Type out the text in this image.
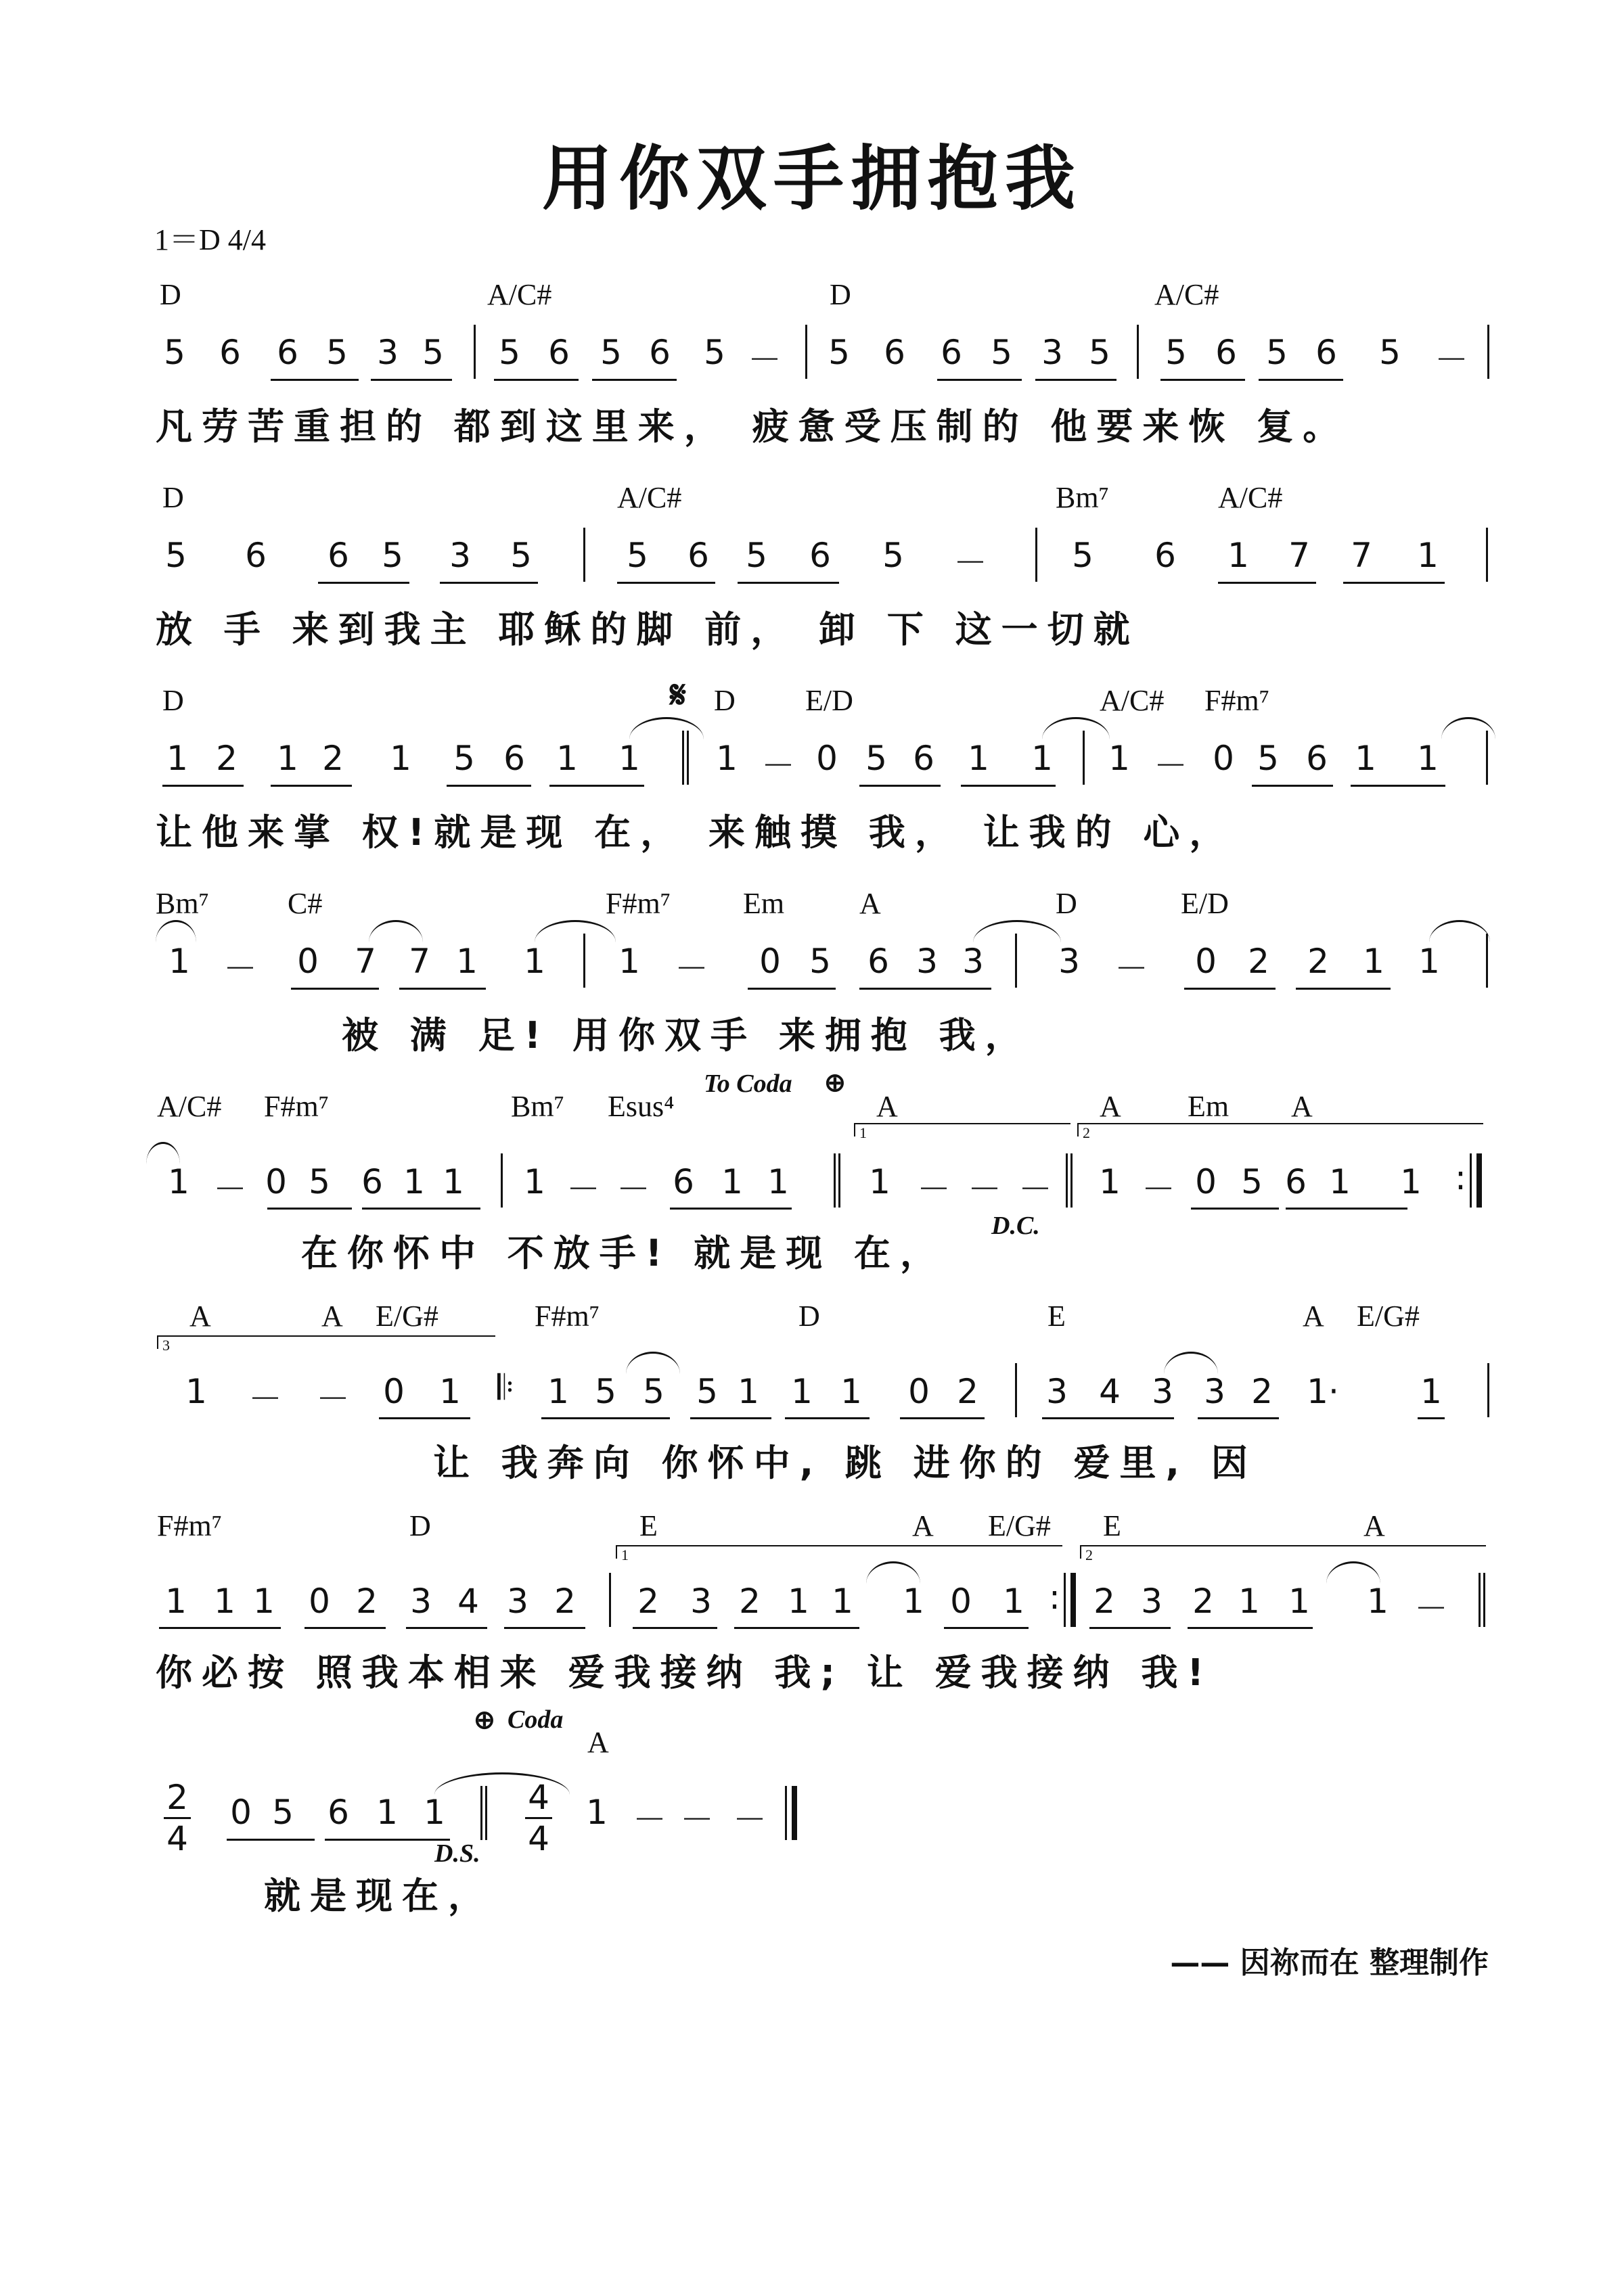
用你双手拥抱我
1＝D 4/4
D	A/C#	D	A/C#
凡劳苦重担的 都到这里来， 疲惫受压制的 他要来恢 复。
5 6 6 5 3 5 5 6 5 6 5 － 5 6 6 5 3 5 5 6 5 6 5 －
D	A/C#	Bm⁷	A/C#
放 手 来到我主 耶稣的脚 前， 卸 下 这一切就
5 6 6 5 3 5	5 6 5 6 5 －	5 6 1 7 7 1
D	𝄋 D E/D	A/C# F#m⁷
让他来掌 权!就是现 在， 来触摸 我， 让我的 心，
1 2 1 2 1 5 6 1 1 1 － 0 5 6 1 1 1 － 0 5 6 1 1
Bm⁷	C#	F#m⁷ Em	A	D	E/D
被 满 足! 用你双手 来拥抱 我，
1 － 0 7 7 1 1 1 － 0 5 6 3 3 3 － 0 2 2 1 1
A/C# F#m⁷	Bm⁷ Esus⁴
To Coda ⊕
A	A Em A
1	2
:
D.C.
在你怀中 不放手! 就是现 在，
1 － 0 5 6 1 1 1 － － 6 1 1 1 － － － 1 － 0 5 6 1 1
A	A E/G#	F#m⁷	D	E	A E/G#
3
𝄆
让 我奔向 你怀中, 跳 进你的 爱里, 因
1 － － 0 1	1 5 5 5 1 1 1 0 2 3 4 3 3 2 1· 1
F#m⁷	D	E	A E/G# E	A
1	2
:
你必按 照我本相来 爱我接纳 我; 让 爱我接纳 我!
1 1 1 0 2 3 4 3 2 2 3 2 1 1 1 0 1 2 3 2 1 1 1 －
⊕ Coda
A
2
4
4
4
D.S.
就是现在，
0 5 6 1 1	1 － － －
—— 因祢而在 整理制作
